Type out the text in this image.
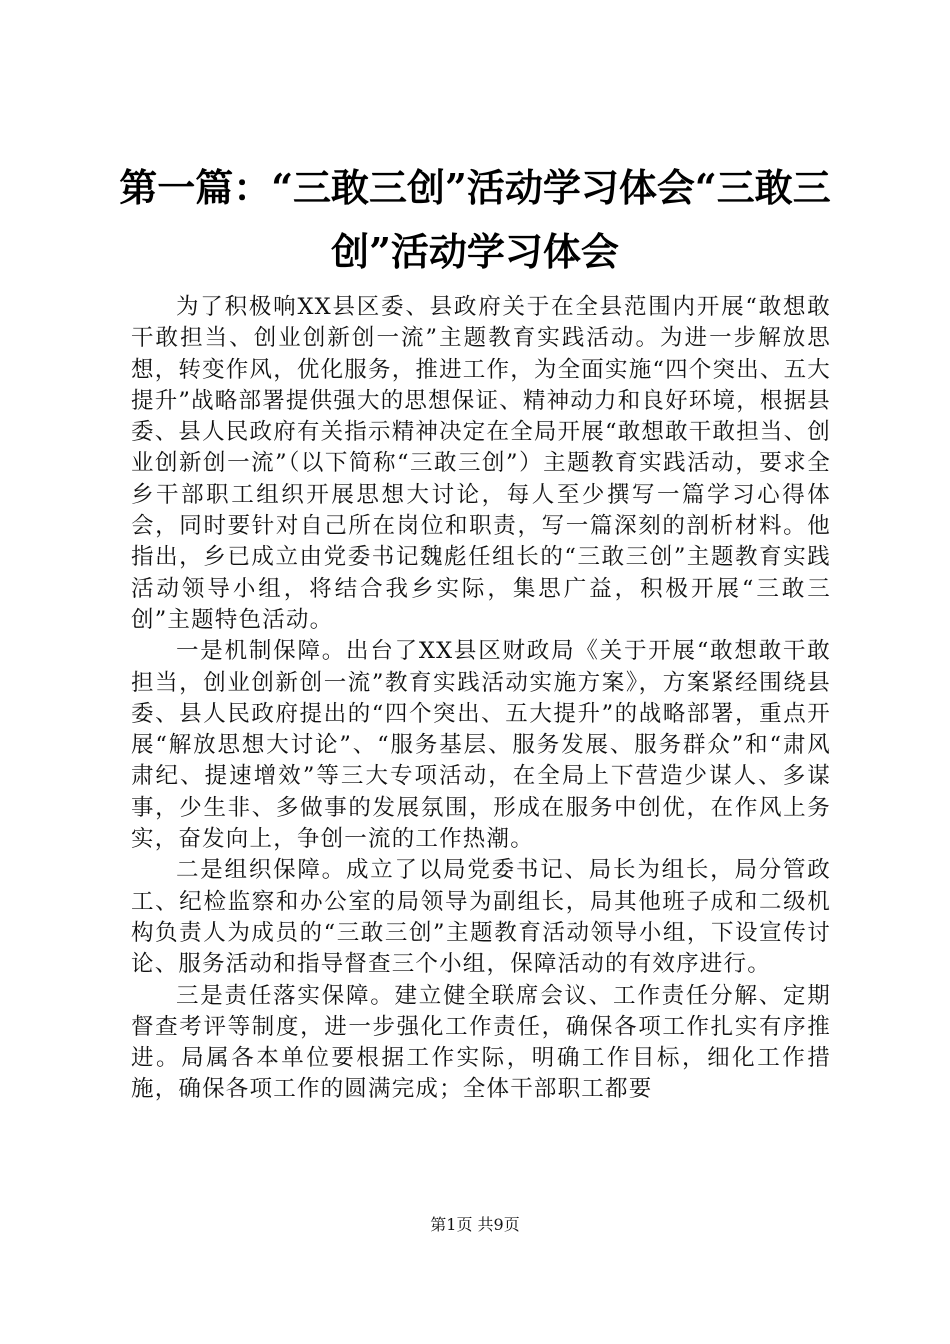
第一篇：“三敢三创”活动学习体会“三敢三创”活动学习体会

为了积极响XX县区委、县政府关于在全县范围内开展“敢想敢干敢担当、创业创新创一流”主题教育实践活动。为进一步解放思想，转变作风，优化服务，推进工作，为全面实施“四个突出、五大提升”战略部署提供强大的思想保证、精神动力和良好环境，根据县委、县人民政府有关指示精神决定在全局开展“敢想敢干敢担当、创业创新创一流”（以下简称“三敢三创”）主题教育实践活动，要求全乡干部职工组织开展思想大讨论，每人至少撰写一篇学习心得体会，同时要针对自己所在岗位和职责，写一篇深刻的剖析材料。他指出，乡已成立由党委书记魏彪任组长的“三敢三创”主题教育实践活动领导小组，将结合我乡实际，集思广益，积极开展“三敢三创”主题特色活动。

一是机制保障。出台了XX县区财政局《关于开展“敢想敢干敢担当，创业创新创一流”教育实践活动实施方案》，方案紧经围绕县委、县人民政府提出的“四个突出、五大提升”的战略部署，重点开展“解放思想大讨论”、“服务基层、服务发展、服务群众”和“肃风肃纪、提速增效”等三大专项活动，在全局上下营造少谋人、多谋事，少生非、多做事的发展氛围，形成在服务中创优，在作风上务实，奋发向上，争创一流的工作热潮。

二是组织保障。成立了以局党委书记、局长为组长，局分管政工、纪检监察和办公室的局领导为副组长，局其他班子成和二级机构负责人为成员的“三敢三创”主题教育活动领导小组，下设宣传讨论、服务活动和指导督查三个小组，保障活动的有效序进行。

三是责任落实保障。建立健全联席会议、工作责任分解、定期督查考评等制度，进一步强化工作责任，确保各项工作扎实有序推进。局属各本单位要根据工作实际，明确工作目标，细化工作措施，确保各项工作的圆满完成；全体干部职工都要

第1页 共9页
